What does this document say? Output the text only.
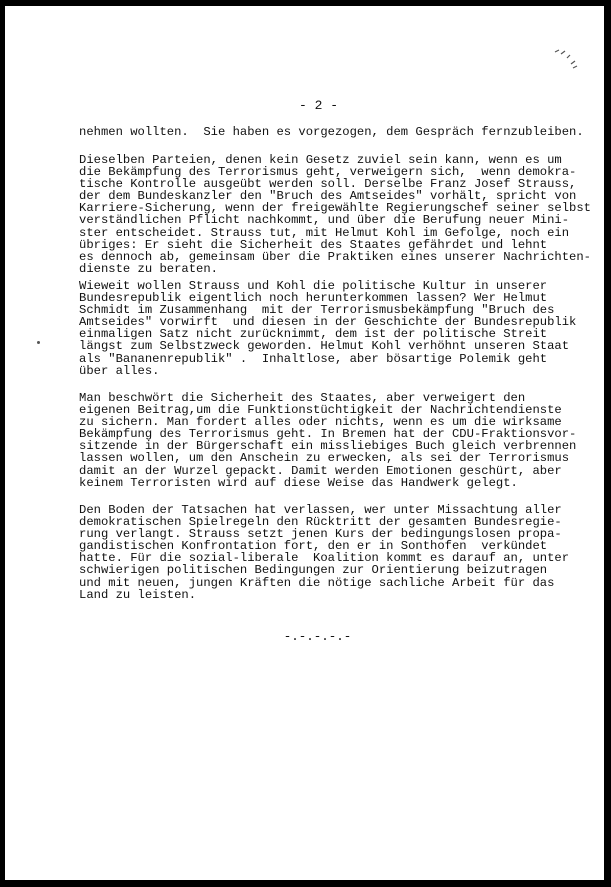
- 2 -
nehmen wollten.  Sie haben es vorgezogen, dem Gespräch fernzubleiben.
Dieselben Parteien, denen kein Gesetz zuviel sein kann, wenn es um
die Bekämpfung des Terrorismus geht, verweigern sich,  wenn demokra-
tische Kontrolle ausgeübt werden soll. Derselbe Franz Josef Strauss,
der dem Bundeskanzler den "Bruch des Amtseides" vorhält, spricht von
Karriere-Sicherung, wenn der freigewählte Regierungschef seiner selbst
verständlichen Pflicht nachkommt, und über die Berufung neuer Mini-
ster entscheidet. Strauss tut, mit Helmut Kohl im Gefolge, noch ein
übriges: Er sieht die Sicherheit des Staates gefährdet und lehnt
es dennoch ab, gemeinsam über die Praktiken eines unserer Nachrichten-
dienste zu beraten.
Wieweit wollen Strauss und Kohl die politische Kultur in unserer
Bundesrepublik eigentlich noch herunterkommen lassen? Wer Helmut
Schmidt im Zusammenhang  mit der Terrorismusbekämpfung "Bruch des
Amtseides" vorwirft  und diesen in der Geschichte der Bundesrepublik
einmaligen Satz nicht zurücknimmt, dem ist der politische Streit
längst zum Selbstzweck geworden. Helmut Kohl verhöhnt unseren Staat
als "Bananenrepublik" .  Inhaltlose, aber bösartige Polemik geht
über alles.
Man beschwört die Sicherheit des Staates, aber verweigert den
eigenen Beitrag,um die Funktionstüchtigkeit der Nachrichtendienste
zu sichern. Man fordert alles oder nichts, wenn es um die wirksame
Bekämpfung des Terrorismus geht. In Bremen hat der CDU-Fraktionsvor-
sitzende in der Bürgerschaft ein missliebiges Buch gleich verbrennen
lassen wollen, um den Anschein zu erwecken, als sei der Terrorismus
damit an der Wurzel gepackt. Damit werden Emotionen geschürt, aber
keinem Terroristen wird auf diese Weise das Handwerk gelegt.
Den Boden der Tatsachen hat verlassen, wer unter Missachtung aller
demokratischen Spielregeln den Rücktritt der gesamten Bundesregie-
rung verlangt. Strauss setzt jenen Kurs der bedingungslosen propa-
gandistischen Konfrontation fort, den er in Sonthofen  verkündet
hatte. Für die sozial-liberale  Koalition kommt es darauf an, unter
schwierigen politischen Bedingungen zur Orientierung beizutragen
und mit neuen, jungen Kräften die nötige sachliche Arbeit für das
Land zu leisten.
-.-.-.-.-
